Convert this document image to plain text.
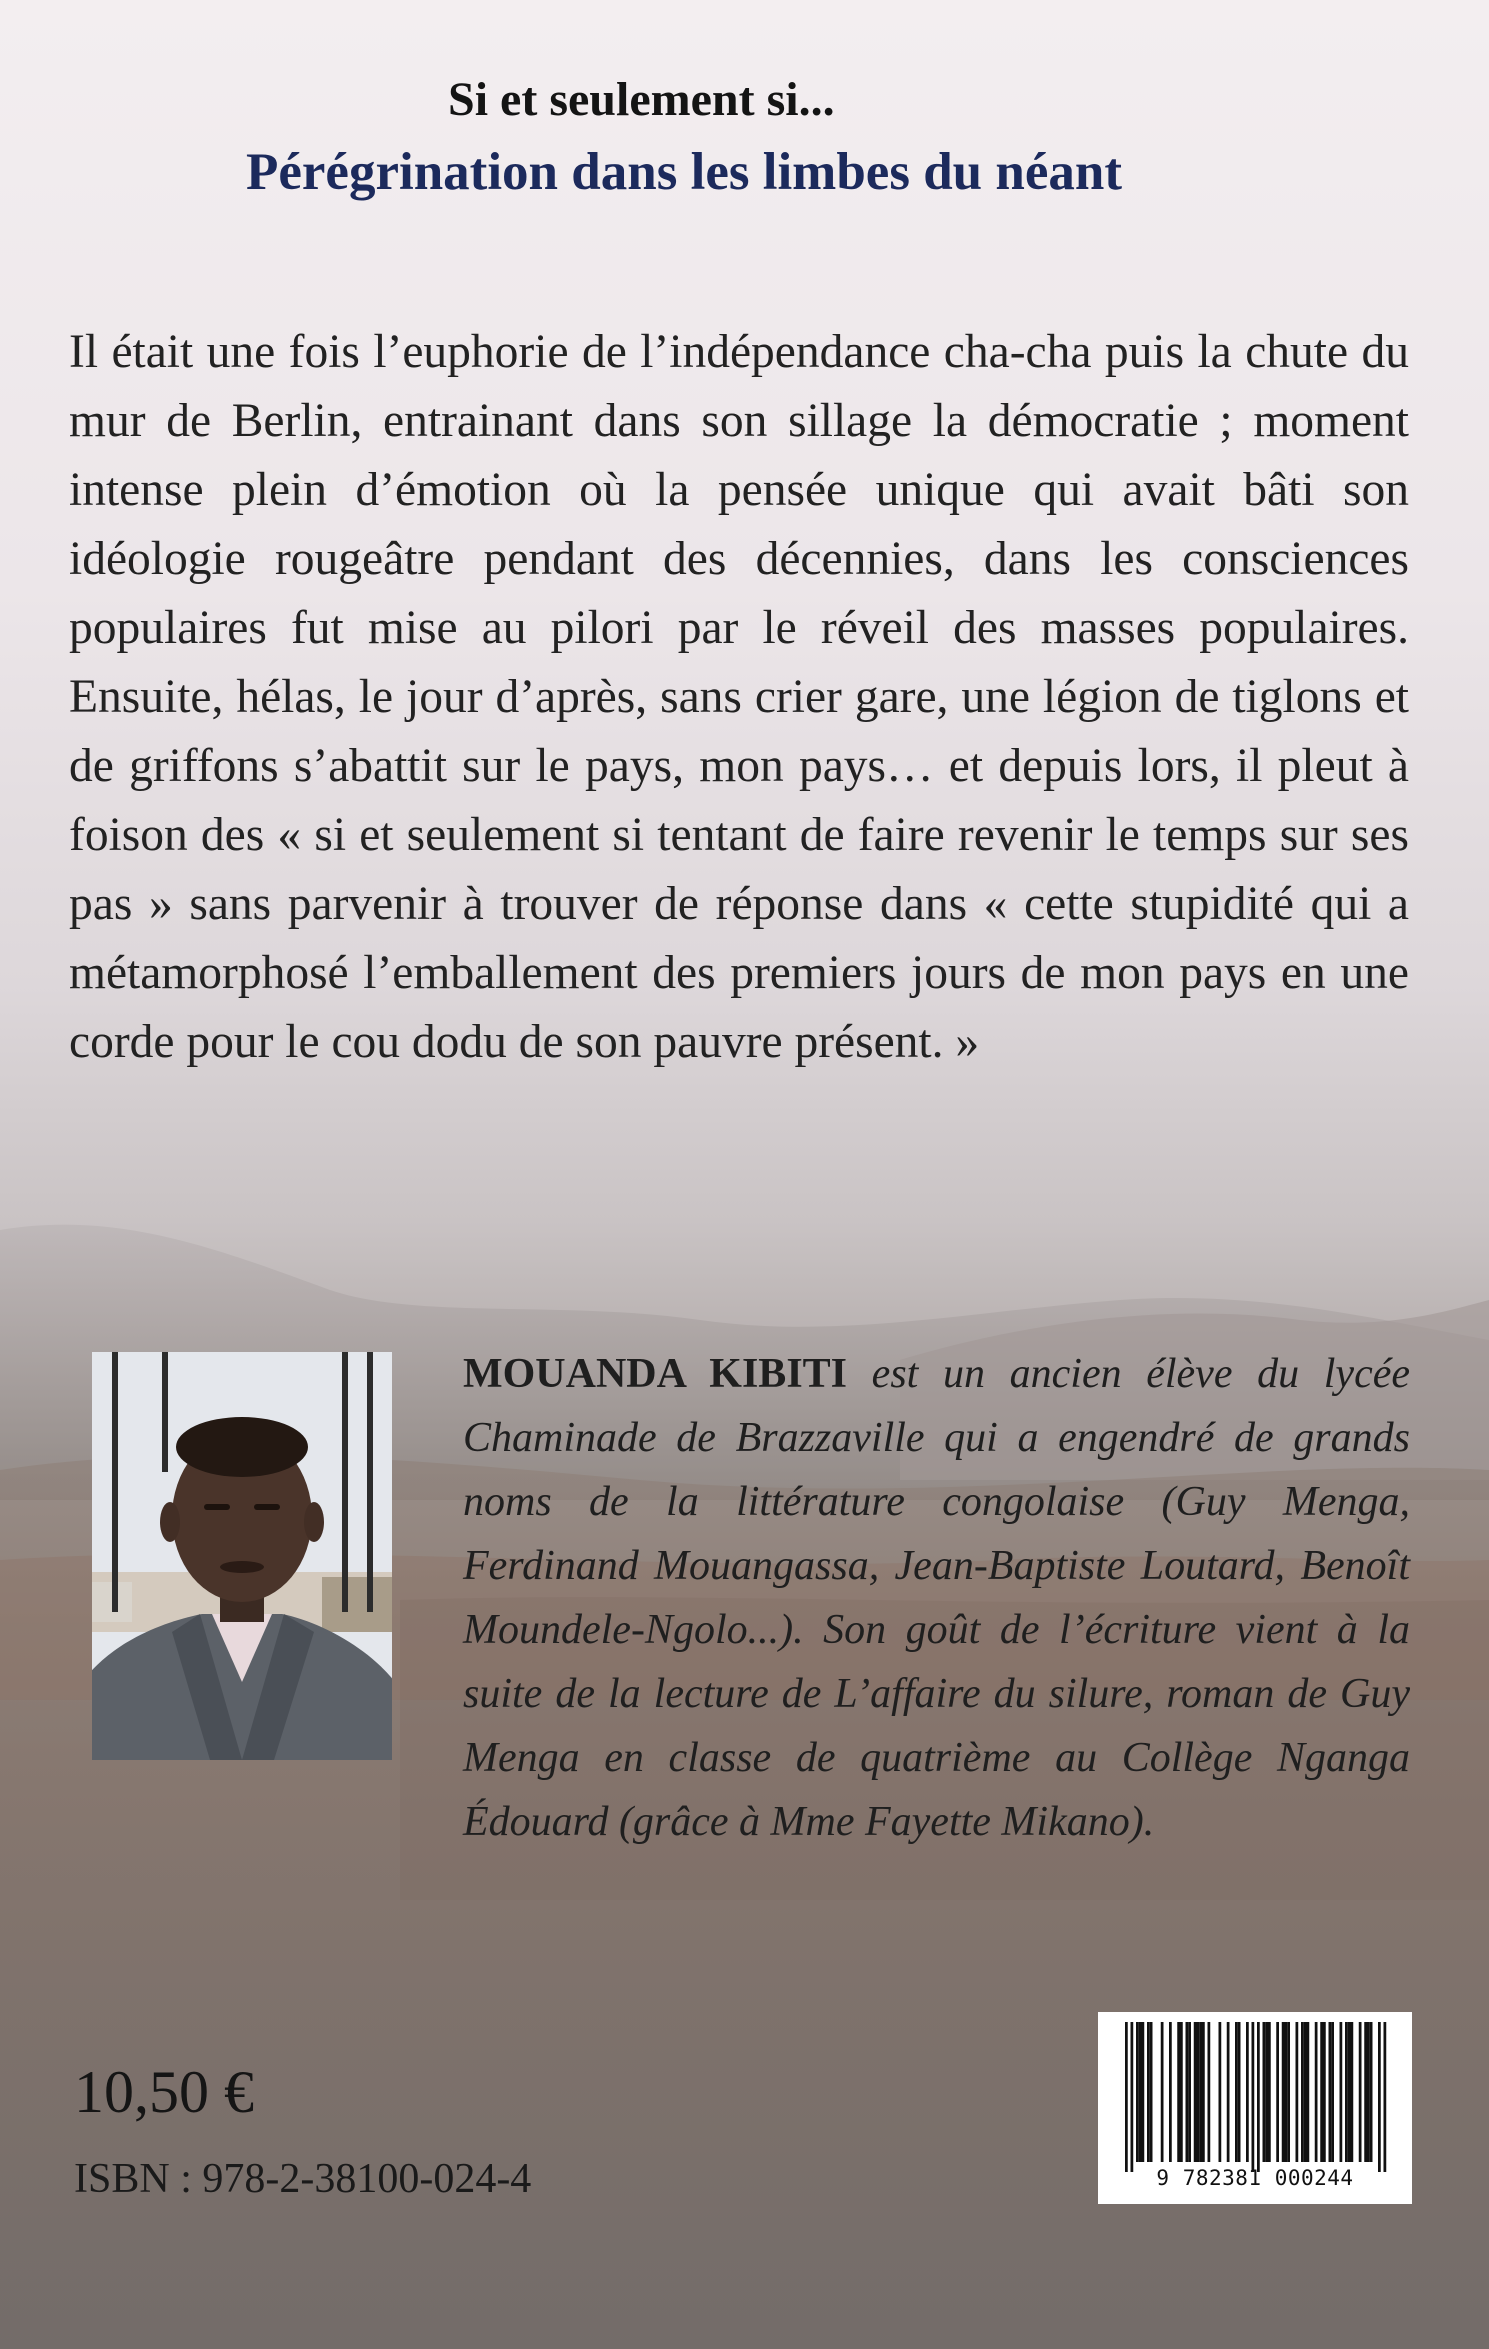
Si et seulement si...
Pérégrination dans les limbes du néant

Il était une fois l’euphorie de l’indépendance cha-cha puis la chute du mur de Berlin, entrainant dans son sillage la démocratie ; moment intense plein d’émotion où la pensée unique qui avait bâti son idéologie rougeâtre pendant des décennies, dans les consciences populaires fut mise au pilori par le réveil des masses populaires. Ensuite, hélas, le jour d’après, sans crier gare, une légion de tiglons et de griffons s’abattit sur le pays, mon pays… et depuis lors, il pleut à foison des « si et seulement si tentant de faire revenir le temps sur ses pas » sans parvenir à trouver de réponse dans « cette stupidité qui a métamorphosé l’emballement des premiers jours de mon pays en une corde pour le cou dodu de son pauvre présent. »

MOUANDA KIBITI est un ancien élève du lycée Chaminade de Brazzaville qui a engendré de grands noms de la littérature congolaise (Guy Menga, Ferdinand Mouangassa, Jean-Baptiste Loutard, Benoît Moundele-Ngolo...). Son goût de l’écriture vient à la suite de la lecture de L’affaire du silure, roman de Guy Menga en classe de quatrième au Collège Nganga Édouard (grâce à Mme Fayette Mikano).

10,50 €
ISBN : 978-2-38100-024-4	9 782381 000244
